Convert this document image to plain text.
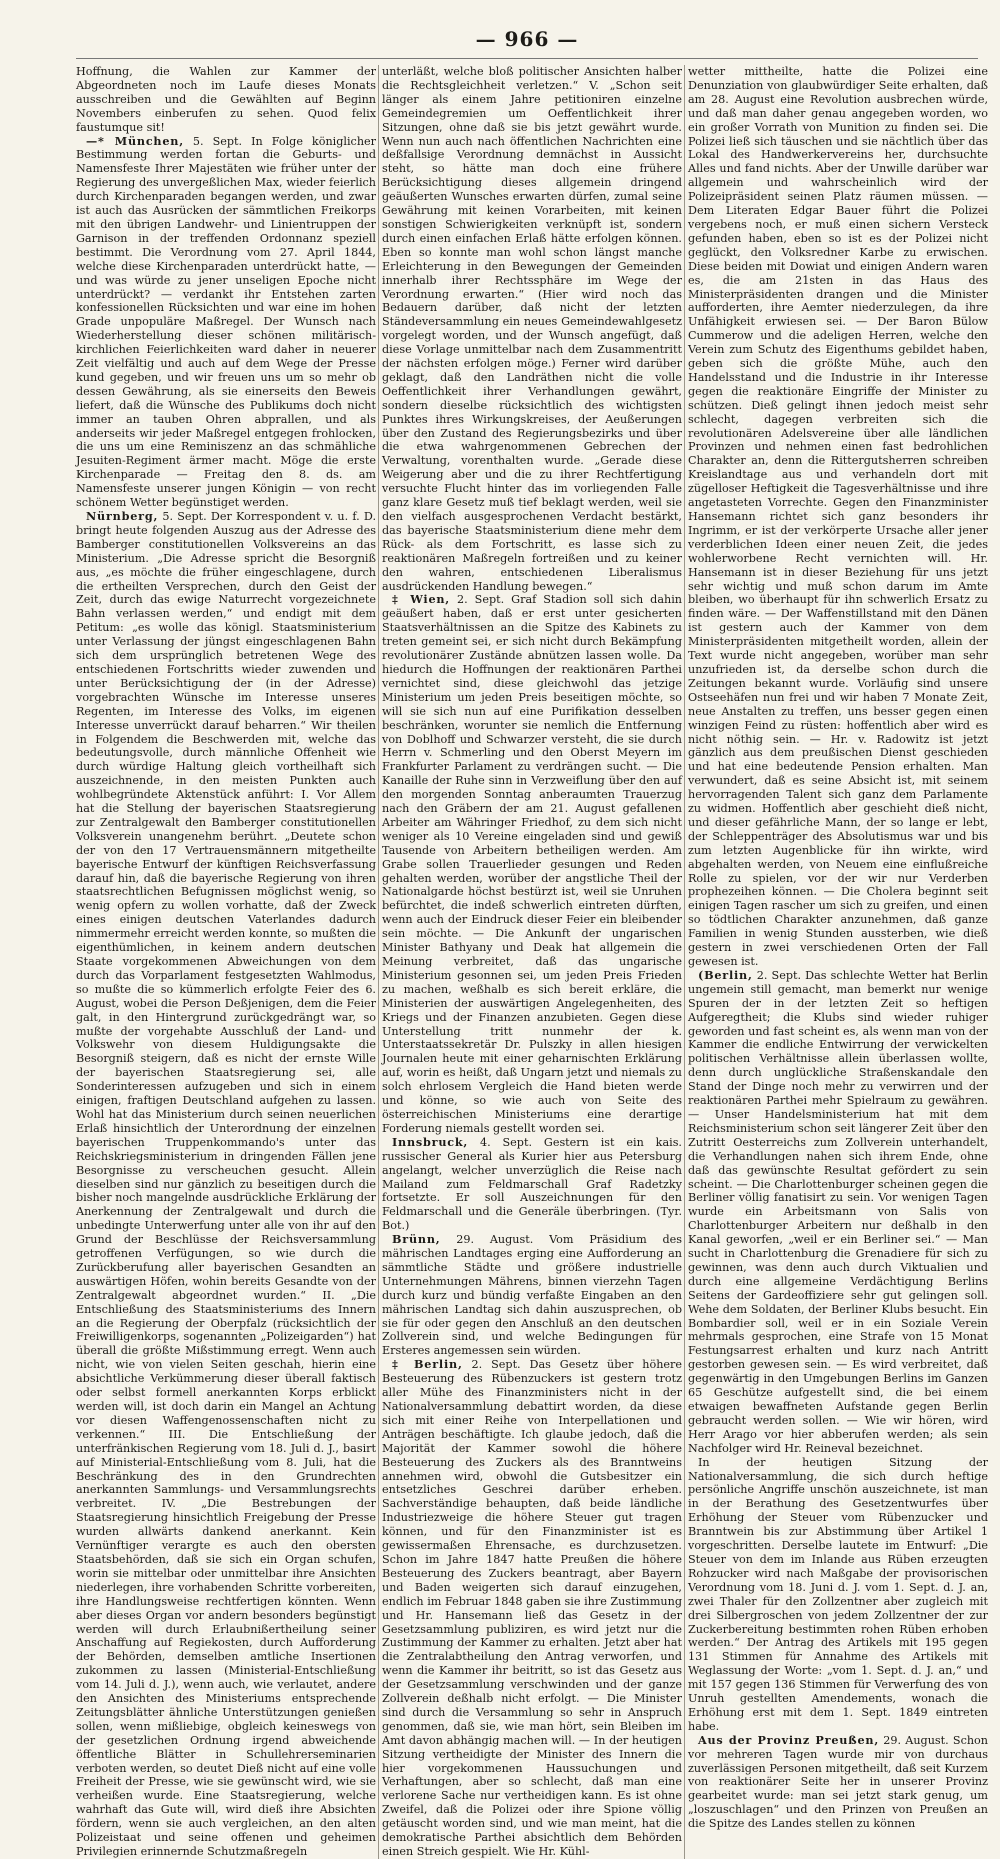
— 966 —

Hoffnung, die Wahlen zur Kammer der Abgeordneten noch im Laufe dieses Monats ausschreiben und die Gewählten auf Beginn Novembers einberufen zu sehen. Quod felix faustumque sit!

—* München, 5. Sept. In Folge königlicher Bestimmung werden fortan die Geburts- und Namensfeste Ihrer Majestäten wie früher unter der Regierung des unvergeßlichen Max, wieder feierlich durch Kirchenparaden begangen werden, und zwar ist auch das Ausrücken der sämmtlichen Freikorps mit den übrigen Landwehr- und Linientruppen der Garnison in der treffenden Ordonnanz speziell bestimmt. Die Verordnung vom 27. April 1844, welche diese Kirchenparaden unterdrückt hatte, — und was würde zu jener unseligen Epoche nicht unterdrückt? — verdankt ihr Entstehen zarten konfessionellen Rücksichten und war eine im hohen Grade unpopuläre Maßregel. Der Wunsch nach Wiederherstellung dieser schönen militärisch-kirchlichen Feierlichkeiten ward daher in neuerer Zeit vielfältig und auch auf dem Wege der Presse kund gegeben, und wir freuen uns um so mehr ob dessen Gewährung, als sie einerseits den Beweis liefert, daß die Wünsche des Publikums doch nicht immer an tauben Ohren abprallen, und als anderseits wir jeder Maßregel entgegen frohlocken, die uns um eine Reminiszenz an das schmähliche Jesuiten-Regiment ärmer macht. Möge die erste Kirchenparade — Freitag den 8. ds. am Namensfeste unserer jungen Königin — von recht schönem Wetter begünstiget werden.

Nürnberg, 5. Sept. Der Korrespondent v. u. f. D. bringt heute folgenden Auszug aus der Adresse des Bamberger constitutionellen Volksvereins an das Ministerium. „Die Adresse spricht die Besorgniß aus, „es möchte die früher eingeschlagene, durch die ertheilten Versprechen, durch den Geist der Zeit, durch das ewige Naturrecht vorgezeichnete Bahn verlassen werden,“ und endigt mit dem Petitum: „es wolle das königl. Staatsministerium unter Verlassung der jüngst eingeschlagenen Bahn sich dem ursprünglich betretenen Wege des entschiedenen Fortschritts wieder zuwenden und unter Berücksichtigung der (in der Adresse) vorgebrachten Wünsche im Interesse unseres Regenten, im Interesse des Volks, im eigenen Interesse unverrückt darauf beharren.“ Wir theilen in Folgendem die Beschwerden mit, welche das bedeutungsvolle, durch männliche Offenheit wie durch würdige Haltung gleich vortheilhaft sich auszeichnende, in den meisten Punkten auch wohlbegründete Aktenstück anführt: I. Vor Allem hat die Stellung der bayerischen Staatsregierung zur Zentralgewalt den Bamberger constitutionellen Volksverein unangenehm berührt. „Deutete schon der von den 17 Vertrauensmännern mitgetheilte bayerische Entwurf der künftigen Reichsverfassung darauf hin, daß die bayerische Regierung von ihren staatsrechtlichen Befugnissen möglichst wenig, so wenig opfern zu wollen vorhatte, daß der Zweck eines einigen deutschen Vaterlandes dadurch nimmermehr erreicht werden konnte, so mußten die eigenthümlichen, in keinem andern deutschen Staate vorgekommenen Abweichungen von dem durch das Vorparlament festgesetzten Wahlmodus, so mußte die so kümmerlich erfolgte Feier des 6. August, wobei die Person Deßjenigen, dem die Feier galt, in den Hintergrund zurückgedrängt war, so mußte der vorgehabte Ausschluß der Land- und Volkswehr von diesem Huldigungsakte die Besorgniß steigern, daß es nicht der ernste Wille der bayerischen Staatsregierung sei, alle Sonderinteressen aufzugeben und sich in einem einigen, fraftigen Deutschland aufgehen zu lassen. Wohl hat das Ministerium durch seinen neuerlichen Erlaß hinsichtlich der Unterordnung der einzelnen bayerischen Truppenkommando's unter das Reichskriegsministerium in dringenden Fällen jene Besorgnisse zu verscheuchen gesucht. Allein dieselben sind nur gänzlich zu beseitigen durch die bisher noch mangelnde ausdrückliche Erklärung der Anerkennung der Zentralgewalt und durch die unbedingte Unterwerfung unter alle von ihr auf den Grund der Beschlüsse der Reichsversammlung getroffenen Verfügungen, so wie durch die Zurückberufung aller bayerischen Gesandten an auswärtigen Höfen, wohin bereits Gesandte von der Zentralgewalt abgeordnet wurden.“ II. „Die Entschließung des Staatsministeriums des Innern an die Regierung der Oberpfalz (rücksichtlich der Freiwilligenkorps, sogenannten „Polizeigarden“) hat überall die größte Mißstimmung erregt. Wenn auch nicht, wie von vielen Seiten geschah, hierin eine absichtliche Verkümmerung dieser überall faktisch oder selbst formell anerkannten Korps erblickt werden will, ist doch darin ein Mangel an Achtung vor diesen Waffengenossenschaften nicht zu verkennen.“ III. Die Entschließung der unterfränkischen Regierung vom 18. Juli d. J., basirt auf Ministerial-Entschließung vom 8. Juli, hat die Beschränkung des in den Grundrechten anerkannten Sammlungs- und Versammlungsrechts verbreitet. IV. „Die Bestrebungen der Staatsregierung hinsichtlich Freigebung der Presse wurden allwärts dankend anerkannt. Kein Vernünftiger verargte es auch den obersten Staatsbehörden, daß sie sich ein Organ schufen, worin sie mittelbar oder unmittelbar ihre Ansichten niederlegen, ihre vorhabenden Schritte vorbereiten, ihre Handlungsweise rechtfertigen könnten. Wenn aber dieses Organ vor andern besonders begünstigt werden will durch Erlaubnißertheilung seiner Anschaffung auf Regiekosten, durch Aufforderung der Behörden, demselben amtliche Insertionen zukommen zu lassen (Ministerial-Entschließung vom 14. Juli d. J.), wenn auch, wie verlautet, andere den Ansichten des Ministeriums entsprechende Zeitungsblätter ähnliche Unterstützungen genießen sollen, wenn mißliebige, obgleich keineswegs von der gesetzlichen Ordnung irgend abweichende öffentliche Blätter in Schullehrerseminarien verboten werden, so deutet Dieß nicht auf eine volle Freiheit der Presse, wie sie gewünscht wird, wie sie verheißen wurde. Eine Staatsregierung, welche wahrhaft das Gute will, wird dieß ihre Absichten fördern, wenn sie auch vergleichen, an den alten Polizeistaat und seine offenen und geheimen Privilegien erinnernde Schutzmaßregeln

unterläßt, welche bloß politischer Ansichten halber die Rechtsgleichheit verletzen.“ V. „Schon seit länger als einem Jahre petitioniren einzelne Gemeindegremien um Oeffentlichkeit ihrer Sitzungen, ohne daß sie bis jetzt gewährt wurde. Wenn nun auch nach öffentlichen Nachrichten eine deßfallsige Verordnung demnächst in Aussicht steht, so hätte man doch eine frühere Berücksichtigung dieses allgemein dringend geäußerten Wunsches erwarten dürfen, zumal seine Gewährung mit keinen Vorarbeiten, mit keinen sonstigen Schwierigkeiten verknüpft ist, sondern durch einen einfachen Erlaß hätte erfolgen können. Eben so konnte man wohl schon längst manche Erleichterung in den Bewegungen der Gemeinden innerhalb ihrer Rechtssphäre im Wege der Verordnung erwarten.“ (Hier wird noch das Bedauern darüber, daß nicht der letzten Ständeversammlung ein neues Gemeindewahlgesetz vorgelegt worden, und der Wunsch angefügt, daß diese Vorlage unmittelbar nach dem Zusammentritt der nächsten erfolgen möge.) Ferner wird darüber geklagt, daß den Landräthen nicht die volle Oeffentlichkeit ihrer Verhandlungen gewährt, sondern dieselbe rücksichtlich des wichtigsten Punktes ihres Wirkungskreises, der Aeußerungen über den Zustand des Regierungsbezirks und über die etwa wahrgenommenen Gebrechen der Verwaltung, vorenthalten wurde. „Gerade diese Weigerung aber und die zu ihrer Rechtfertigung versuchte Flucht hinter das im vorliegenden Falle ganz klare Gesetz muß tief beklagt werden, weil sie den vielfach ausgesprochenen Verdacht bestärkt, das bayerische Staatsministerium diene mehr dem Rück- als dem Fortschritt, es lasse sich zu reaktionären Maßregeln fortreißen und zu keiner den wahren, entschiedenen Liberalismus ausdrückenden Handlung bewegen.“

‡ Wien, 2. Sept. Graf Stadion soll sich dahin geäußert haben, daß er erst unter gesicherten Staatsverhältnissen an die Spitze des Kabinets zu treten gemeint sei, er sich nicht durch Bekämpfung revolutionärer Zustände abnützen lassen wolle. Da hiedurch die Hoffnungen der reaktionären Parthei vernichtet sind, diese gleichwohl das jetzige Ministerium um jeden Preis beseitigen möchte, so will sie sich nun auf eine Purifikation desselben beschränken, worunter sie nemlich die Entfernung von Doblhoff und Schwarzer versteht, die sie durch Herrn v. Schmerling und den Oberst Meyern im Frankfurter Parlament zu verdrängen sucht. — Die Kanaille der Ruhe sinn in Verzweiflung über den auf den morgenden Sonntag anberaumten Trauerzug nach den Gräbern der am 21. August gefallenen Arbeiter am Währinger Friedhof, zu dem sich nicht weniger als 10 Vereine eingeladen sind und gewiß Tausende von Arbeitern betheiligen werden. Am Grabe sollen Trauerlieder gesungen und Reden gehalten werden, worüber der angstliche Theil der Nationalgarde höchst bestürzt ist, weil sie Unruhen befürchtet, die indeß schwerlich eintreten dürften, wenn auch der Eindruck dieser Feier ein bleibender sein möchte. — Die Ankunft der ungarischen Minister Bathyany und Deak hat allgemein die Meinung verbreitet, daß das ungarische Ministerium gesonnen sei, um jeden Preis Frieden zu machen, weßhalb es sich bereit erkläre, die Ministerien der auswärtigen Angelegenheiten, des Kriegs und der Finanzen anzubieten. Gegen diese Unterstellung tritt nunmehr der k. Unterstaatssekretär Dr. Pulszky in allen hiesigen Journalen heute mit einer geharnischten Erklärung auf, worin es heißt, daß Ungarn jetzt und niemals zu solch ehrlosem Vergleich die Hand bieten werde und könne, so wie auch von Seite des österreichischen Ministeriums eine derartige Forderung niemals gestellt worden sei.

Innsbruck, 4. Sept. Gestern ist ein kais. russischer General als Kurier hier aus Petersburg angelangt, welcher unverzüglich die Reise nach Mailand zum Feldmarschall Graf Radetzky fortsetzte. Er soll Auszeichnungen für den Feldmarschall und die Generäle überbringen. (Tyr. Bot.)

Brünn, 29. August. Vom Präsidium des mährischen Landtages erging eine Aufforderung an sämmtliche Städte und größere industrielle Unternehmungen Mährens, binnen vierzehn Tagen durch kurz und bündig verfaßte Eingaben an den mährischen Landtag sich dahin auszusprechen, ob sie für oder gegen den Anschluß an den deutschen Zollverein sind, und welche Bedingungen für Ersteres angemessen sein würden.

‡ Berlin, 2. Sept. Das Gesetz über höhere Besteuerung des Rübenzuckers ist gestern trotz aller Mühe des Finanzministers nicht in der Nationalversammlung debattirt worden, da diese sich mit einer Reihe von Interpellationen und Anträgen beschäftigte. Ich glaube jedoch, daß die Majorität der Kammer sowohl die höhere Besteuerung des Zuckers als des Branntweins annehmen wird, obwohl die Gutsbesitzer ein entsetzliches Geschrei darüber erheben. Sachverständige behaupten, daß beide ländliche Industriezweige die höhere Steuer gut tragen können, und für den Finanzminister ist es gewissermaßen Ehrensache, es durchzusetzen. Schon im Jahre 1847 hatte Preußen die höhere Besteuerung des Zuckers beantragt, aber Bayern und Baden weigerten sich darauf einzugehen, endlich im Februar 1848 gaben sie ihre Zustimmung und Hr. Hansemann ließ das Gesetz in der Gesetzsammlung publiziren, es wird jetzt nur die Zustimmung der Kammer zu erhalten. Jetzt aber hat die Zentralabtheilung den Antrag verworfen, und wenn die Kammer ihr beitritt, so ist das Gesetz aus der Gesetzsammlung verschwinden und der ganze Zollverein deßhalb nicht erfolgt. — Die Minister sind durch die Versammlung so sehr in Anspruch genommen, daß sie, wie man hört, sein Bleiben im Amt davon abhängig machen will. — In der heutigen Sitzung vertheidigte der Minister des Innern die hier vorgekommenen Haussuchungen und Verhaftungen, aber so schlecht, daß man eine verlorene Sache nur vertheidigen kann. Es ist ohne Zweifel, daß die Polizei oder ihre Spione völlig getäuscht worden sind, und wie man meint, hat die demokratische Parthei absichtlich dem Behörden einen Streich gespielt. Wie Hr. Kühl-

wetter mittheilte, hatte die Polizei eine Denunziation von glaubwürdiger Seite erhalten, daß am 28. August eine Revolution ausbrechen würde, und daß man daher genau angegeben worden, wo ein großer Vorrath von Munition zu finden sei. Die Polizei ließ sich täuschen und sie nächtlich über das Lokal des Handwerkervereins her, durchsuchte Alles und fand nichts. Aber der Unwille darüber war allgemein und wahrscheinlich wird der Polizeipräsident seinen Platz räumen müssen. — Dem Literaten Edgar Bauer führt die Polizei vergebens noch, er muß einen sichern Versteck gefunden haben, eben so ist es der Polizei nicht geglückt, den Volksredner Karbe zu erwischen. Diese beiden mit Dowiat und einigen Andern waren es, die am 21sten in das Haus des Ministerpräsidenten drangen und die Minister aufforderten, ihre Aemter niederzulegen, da ihre Unfähigkeit erwiesen sei. — Der Baron Bülow Cummerow und die adeligen Herren, welche den Verein zum Schutz des Eigenthums gebildet haben, geben sich die größte Mühe, auch den Handelsstand und die Industrie in ihr Interesse gegen die reaktionäre Eingriffe der Minister zu schützen. Dieß gelingt ihnen jedoch meist sehr schlecht, dagegen verbreiten sich die revolutionären Adelsvereine über alle ländlichen Provinzen und nehmen einen fast bedrohlichen Charakter an, denn die Rittergutsherren schreiben Kreislandtage aus und verhandeln dort mit zügelloser Heftigkeit die Tagesverhältnisse und ihre angetasteten Vorrechte. Gegen den Finanzminister Hansemann richtet sich ganz besonders ihr Ingrimm, er ist der verkörperte Ursache aller jener verderblichen Ideen einer neuen Zeit, die jedes wohlerworbene Recht vernichten will. Hr. Hansemann ist in dieser Beziehung für uns jetzt sehr wichtig und muß schon darum im Amte bleiben, wo überhaupt für ihn schwerlich Ersatz zu finden wäre. — Der Waffenstillstand mit den Dänen ist gestern auch der Kammer von dem Ministerpräsidenten mitgetheilt worden, allein der Text wurde nicht angegeben, worüber man sehr unzufrieden ist, da derselbe schon durch die Zeitungen bekannt wurde. Vorläufig sind unsere Ostseehäfen nun frei und wir haben 7 Monate Zeit, neue Anstalten zu treffen, uns besser gegen einen winzigen Feind zu rüsten: hoffentlich aber wird es nicht nöthig sein. — Hr. v. Radowitz ist jetzt gänzlich aus dem preußischen Dienst geschieden und hat eine bedeutende Pension erhalten. Man verwundert, daß es seine Absicht ist, mit seinem hervorragenden Talent sich ganz dem Parlamente zu widmen. Hoffentlich aber geschieht dieß nicht, und dieser gefährliche Mann, der so lange er lebt, der Schleppenträger des Absolutismus war und bis zum letzten Augenblicke für ihn wirkte, wird abgehalten werden, von Neuem eine einflußreiche Rolle zu spielen, vor der wir nur Verderben prophezeihen können. — Die Cholera beginnt seit einigen Tagen rascher um sich zu greifen, und einen so tödtlichen Charakter anzunehmen, daß ganze Familien in wenig Stunden aussterben, wie dieß gestern in zwei verschiedenen Orten der Fall gewesen ist.

(Berlin, 2. Sept. Das schlechte Wetter hat Berlin ungemein still gemacht, man bemerkt nur wenige Spuren der in der letzten Zeit so heftigen Aufgeregtheit; die Klubs sind wieder ruhiger geworden und fast scheint es, als wenn man von der Kammer die endliche Entwirrung der verwickelten politischen Verhältnisse allein überlassen wollte, denn durch unglückliche Straßenskandale den Stand der Dinge noch mehr zu verwirren und der reaktionären Parthei mehr Spielraum zu gewähren. — Unser Handelsministerium hat mit dem Reichsministerium schon seit längerer Zeit über den Zutritt Oesterreichs zum Zollverein unterhandelt, die Verhandlungen nahen sich ihrem Ende, ohne daß das gewünschte Resultat gefördert zu sein scheint. — Die Charlottenburger scheinen gegen die Berliner völlig fanatisirt zu sein. Vor wenigen Tagen wurde ein Arbeitsmann von Salis von Charlottenburger Arbeitern nur deßhalb in den Kanal geworfen, „weil er ein Berliner sei.“ — Man sucht in Charlottenburg die Grenadiere für sich zu gewinnen, was denn auch durch Viktualien und durch eine allgemeine Verdächtigung Berlins Seitens der Gardeoffiziere sehr gut gelingen soll. Wehe dem Soldaten, der Berliner Klubs besucht. Ein Bombardier soll, weil er in ein Soziale Verein mehrmals gesprochen, eine Strafe von 15 Monat Festungsarrest erhalten und kurz nach Antritt gestorben gewesen sein. — Es wird verbreitet, daß gegenwärtig in den Umgebungen Berlins im Ganzen 65 Geschütze aufgestellt sind, die bei einem etwaigen bewaffneten Aufstande gegen Berlin gebraucht werden sollen. — Wie wir hören, wird Herr Arago vor hier abberufen werden; als sein Nachfolger wird Hr. Reineval bezeichnet.

In der heutigen Sitzung der Nationalversammlung, die sich durch heftige persönliche Angriffe unschön auszeichnete, ist man in der Berathung des Gesetzentwurfes über Erhöhung der Steuer vom Rübenzucker und Branntwein bis zur Abstimmung über Artikel 1 vorgeschritten. Derselbe lautete im Entwurf: „Die Steuer von dem im Inlande aus Rüben erzeugten Rohzucker wird nach Maßgabe der provisorischen Verordnung vom 18. Juni d. J. vom 1. Sept. d. J. an, zwei Thaler für den Zollzentner aber zugleich mit drei Silbergroschen von jedem Zollzentner der zur Zuckerbereitung bestimmten rohen Rüben erhoben werden.“ Der Antrag des Artikels mit 195 gegen 131 Stimmen für Annahme des Artikels mit Weglassung der Worte: „vom 1. Sept. d. J. an,“ und mit 157 gegen 136 Stimmen für Verwerfung des von Unruh gestellten Amendements, wonach die Erhöhung erst mit dem 1. Sept. 1849 eintreten habe.

Aus der Provinz Preußen, 29. August. Schon vor mehreren Tagen wurde mir von durchaus zuverlässigen Personen mitgetheilt, daß seit Kurzem von reaktionärer Seite her in unserer Provinz gearbeitet wurde: man sei jetzt stark genug, um „loszuschlagen“ und den Prinzen von Preußen an die Spitze des Landes stellen zu können
